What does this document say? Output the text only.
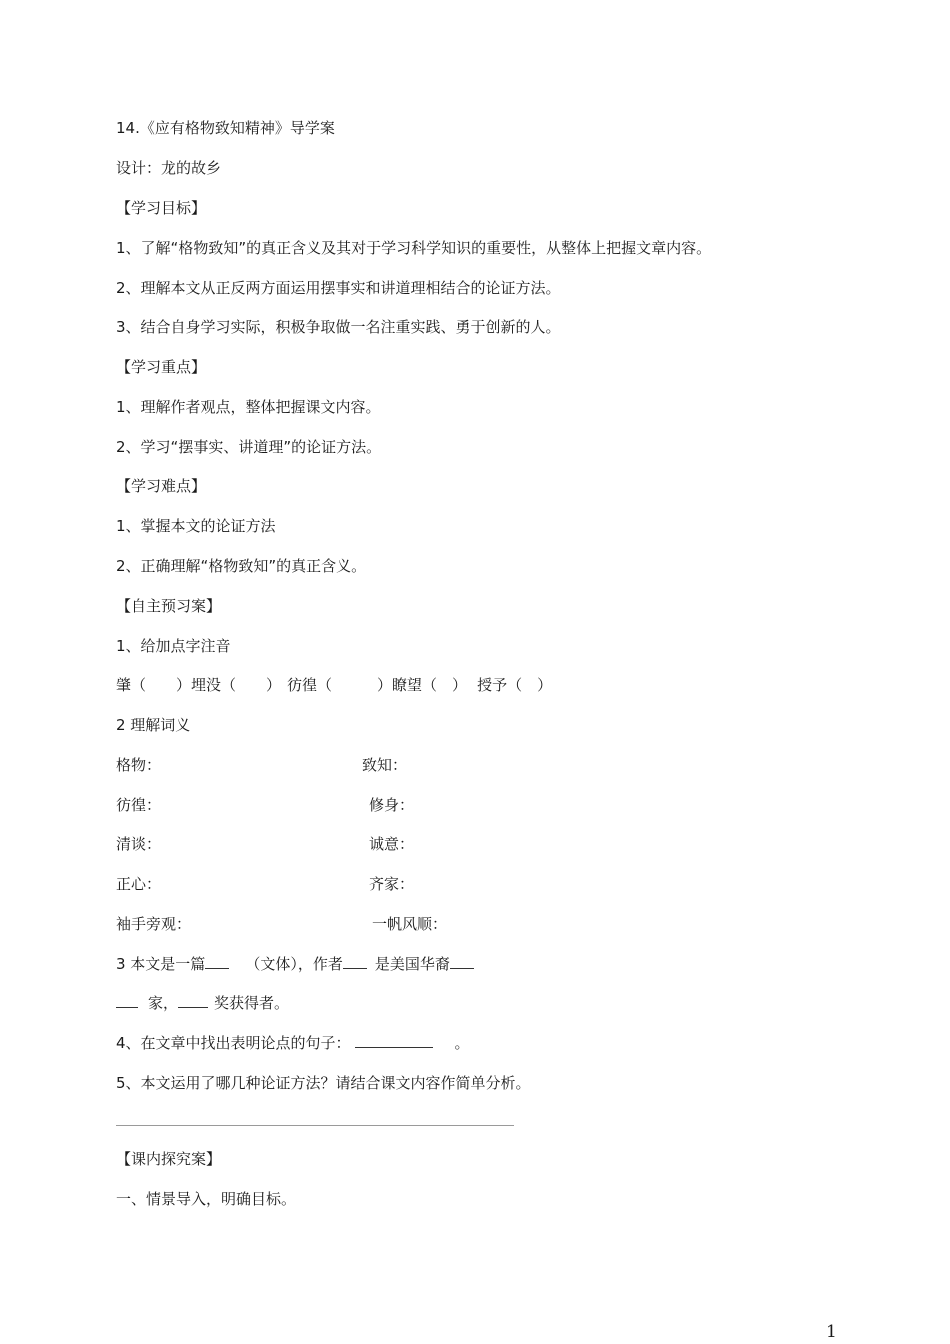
14.《应有格物致知精神》导学案
设计：龙的故乡
【学习目标】
1、了解“格物致知”的真正含义及其对于学习科学知识的重要性，从整体上把握文章内容。
2、理解本文从正反两方面运用摆事实和讲道理相结合的论证方法。
3、结合自身学习实际，积极争取做一名注重实践、勇于创新的人。
【学习重点】
1、理解作者观点，整体把握课文内容。
2、学习“摆事实、讲道理”的论证方法。
【学习难点】
1、掌握本文的论证方法
2、正确理解“格物致知”的真正含义。
【自主预习案】
1、给加点字注音
肇（　　）埋没（　　） 彷徨（　　　）瞭望（　） 授予（　）
2 理解词义
格物：	致知：
彷徨：	修身：
清谈：	诚意：
正心：	齐家：
袖手旁观：	一帆风顺：
3 本文是一篇	（文体），作者 是美国华裔
家， 奖获得者。
4、在文章中找出表明论点的句子：	。
5、本文运用了哪几种论证方法？请结合课文内容作简单分析。
【课内探究案】
一、情景导入，明确目标。
1
